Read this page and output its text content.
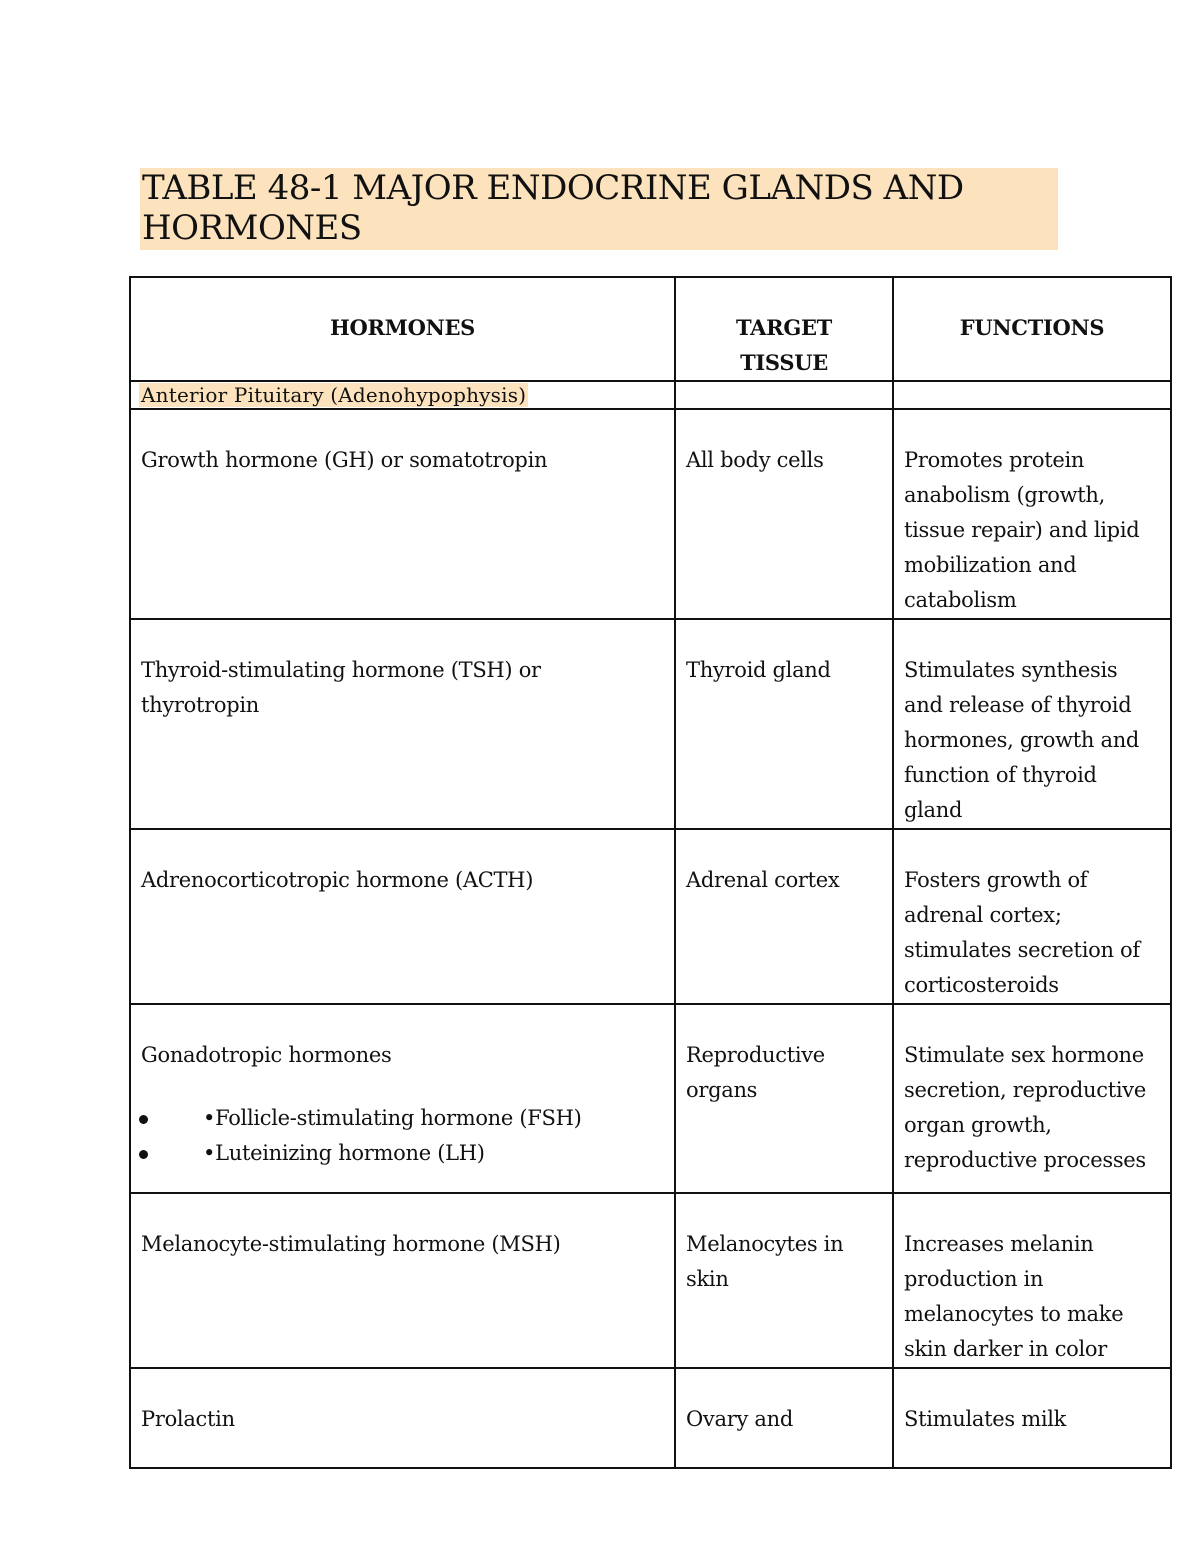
TABLE 48-1 MAJOR ENDOCRINE GLANDS AND HORMONES
HORMONES	TARGET TISSUE	FUNCTIONS
Anterior Pituitary (Adenohypophysis)		
Growth hormone (GH) or somatotropin	All body cells	Promotes protein anabolism (growth, tissue repair) and lipid mobilization and catabolism
Thyroid-stimulating hormone (TSH) or thyrotropin	Thyroid gland	Stimulates synthesis and release of thyroid hormones, growth and function of thyroid gland
Adrenocorticotropic hormone (ACTH)	Adrenal cortex	Fosters growth of adrenal cortex; stimulates secretion of corticosteroids

Gonadotropic hormones
•Follicle-stimulating hormone (FSH)
•Luteinizing hormone (LH)	Reproductive organs	Stimulate sex hormone secretion, reproductive organ growth, reproductive processes
Melanocyte-stimulating hormone (MSH)	Melanocytes in skin	Increases melanin production in melanocytes to make skin darker in color
Prolactin	Ovary and	Stimulates milk
